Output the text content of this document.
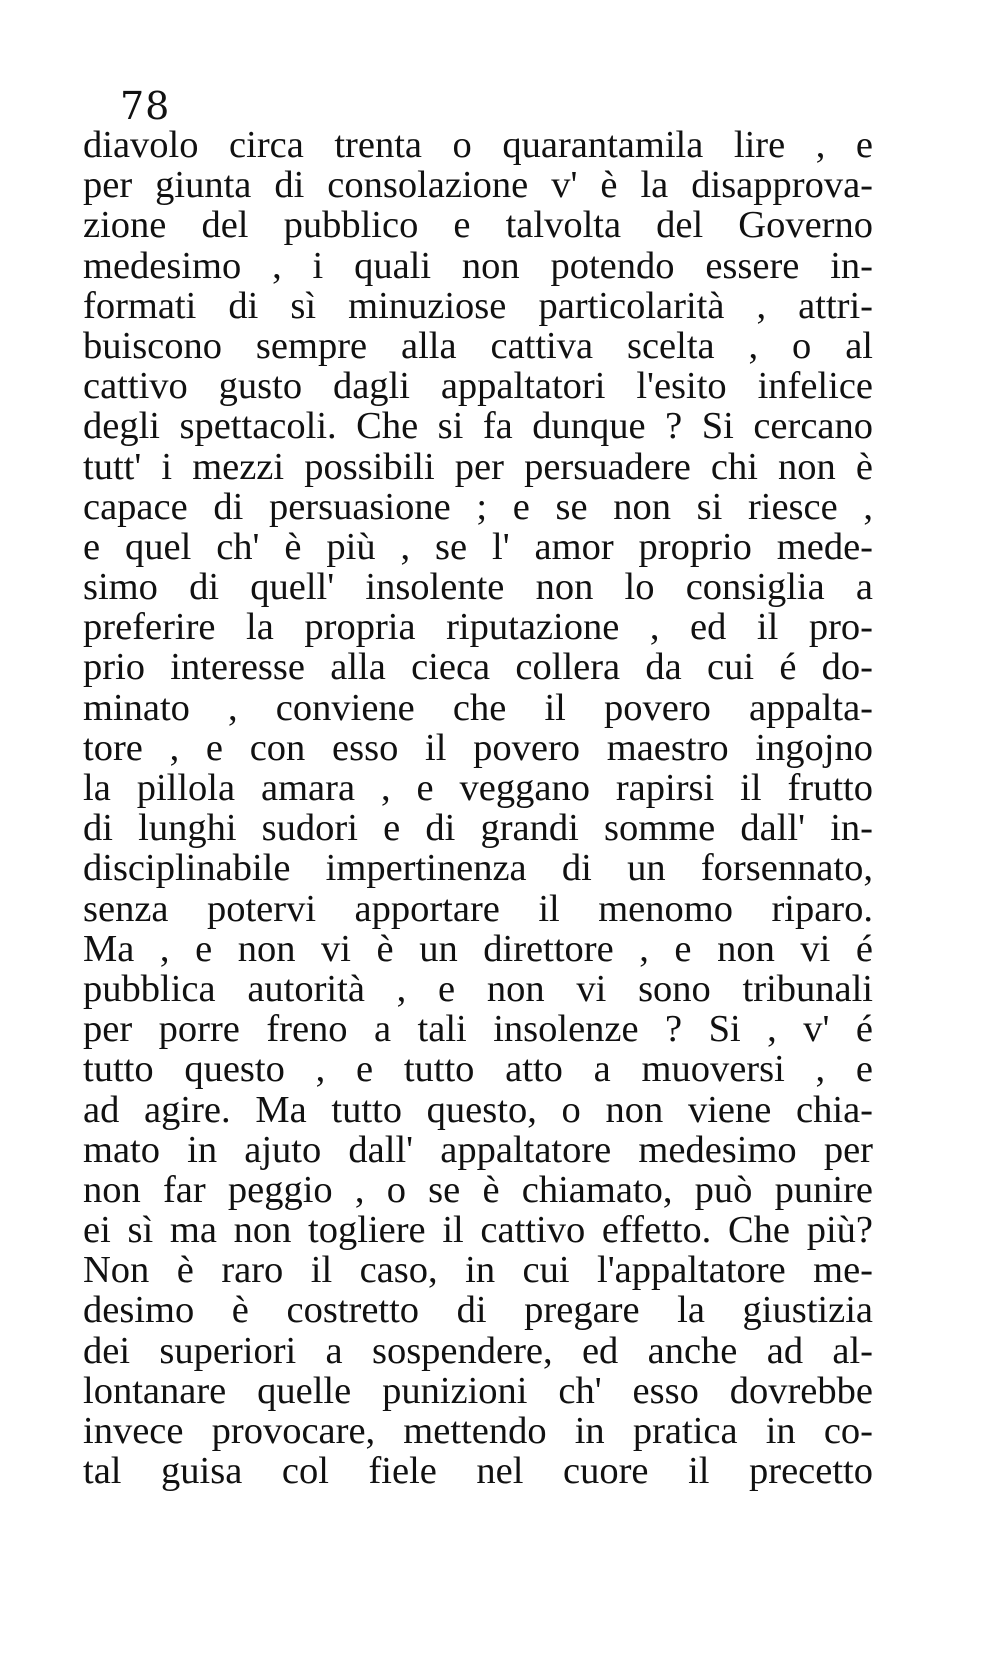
78
diavolo circa trenta o quarantamila lire , e
per giunta di consolazione v' è la disapprova-
zione del pubblico e talvolta del Governo
medesimo , i quali non potendo essere in-
formati di sì minuziose particolarità , attri-
buiscono sempre alla cattiva scelta , o al
cattivo gusto dagli appaltatori l'esito infelice
degli spettacoli. Che si fa dunque ? Si cercano
tutt' i mezzi possibili per persuadere chi non è
capace di persuasione ; e se non si riesce ,
e quel ch' è più , se l' amor proprio mede-
simo di quell' insolente non lo consiglia a
preferire la propria riputazione , ed il pro-
prio interesse alla cieca collera da cui é do-
minato , conviene che il povero appalta-
tore , e con esso il povero maestro ingojno
la pillola amara , e veggano rapirsi il frutto
di lunghi sudori e di grandi somme dall' in-
disciplinabile impertinenza di un forsennato,
senza potervi apportare il menomo riparo.
Ma , e non vi è un direttore , e non vi é
pubblica autorità , e non vi sono tribunali
per porre freno a tali insolenze ? Si , v' é
tutto questo , e tutto atto a muoversi , e
ad agire. Ma tutto questo, o non viene chia-
mato in ajuto dall' appaltatore medesimo per
non far peggio , o se è chiamato, può punire
ei sì ma non togliere il cattivo effetto. Che più?
Non è raro il caso, in cui l'appaltatore me-
desimo è costretto di pregare la giustizia
dei superiori a sospendere, ed anche ad al-
lontanare quelle punizioni ch' esso dovrebbe
invece provocare, mettendo in pratica in co-
tal guisa col fiele nel cuore il precetto
